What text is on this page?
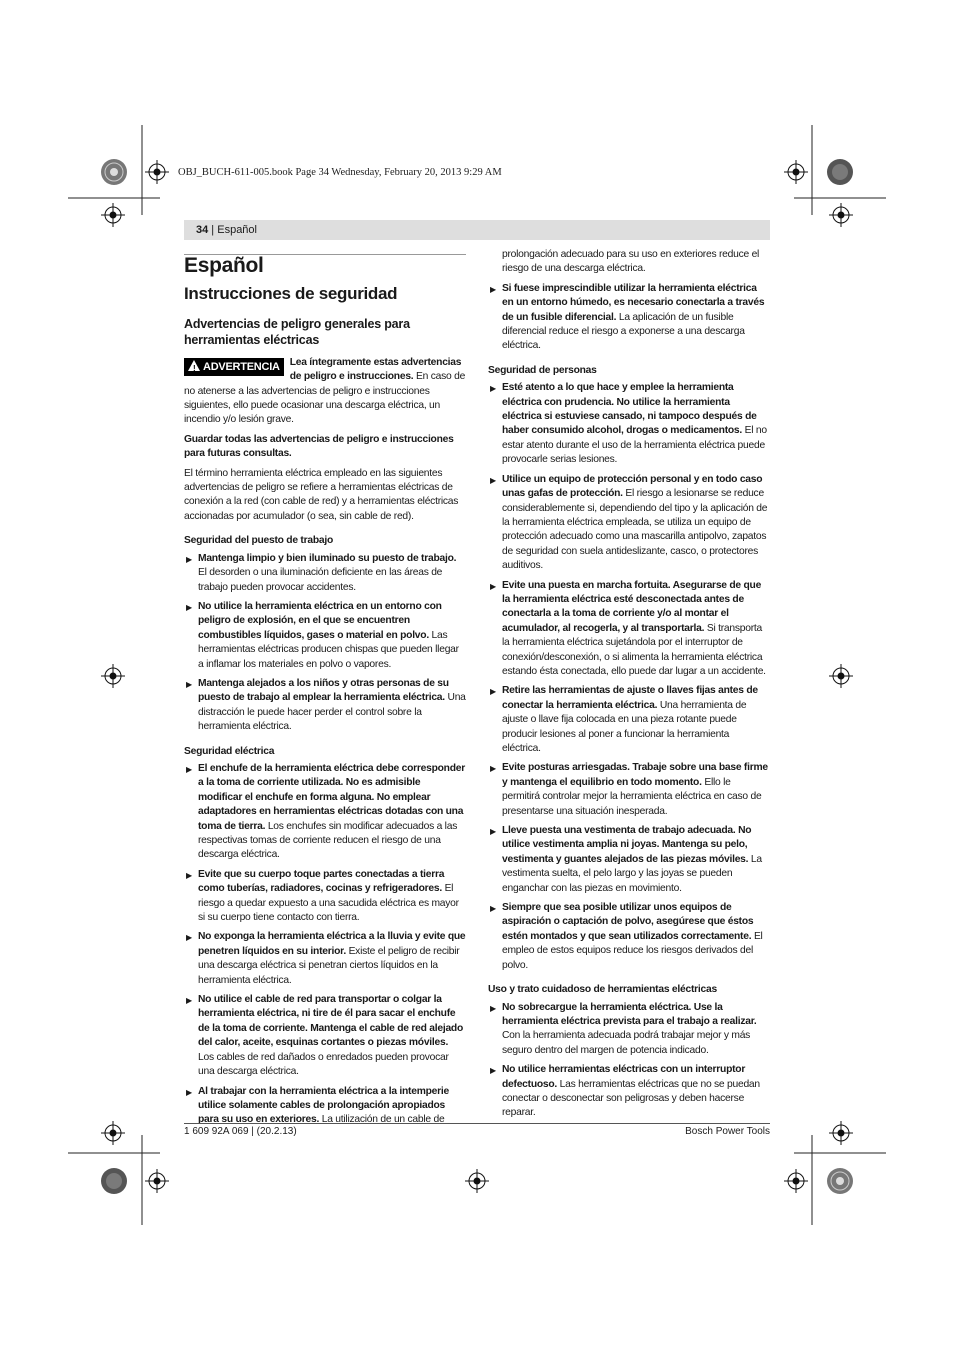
OBJ_BUCH-611-005.book Page 34 Wednesday, February 20, 2013 9:29 AM
34 | Español
Español
Instrucciones de seguridad
Advertencias de peligro generales para herramientas eléctricas

! ADVERTENCIA Lea íntegramente estas advertencias de peligro e instrucciones. En caso de no atenerse a las advertencias de peligro e instrucciones siguientes, ello puede ocasionar una descarga eléctrica, un incendio y/o lesión grave.

Guardar todas las advertencias de peligro e instrucciones para futuras consultas.

El término herramienta eléctrica empleado en las siguientes advertencias de peligro se refiere a herramientas eléctricas de conexión a la red (con cable de red) y a herramientas eléctricas accionadas por acumulador (o sea, sin cable de red).

Seguridad del puesto de trabajo
▶ Mantenga limpio y bien iluminado su puesto de trabajo. El desorden o una iluminación deficiente en las áreas de trabajo pueden provocar accidentes.
▶ No utilice la herramienta eléctrica en un entorno con peligro de explosión, en el que se encuentren combustibles líquidos, gases o material en polvo. Las herramientas eléctricas producen chispas que pueden llegar a inflamar los materiales en polvo o vapores.
▶ Mantenga alejados a los niños y otras personas de su puesto de trabajo al emplear la herramienta eléctrica. Una distracción le puede hacer perder el control sobre la herramienta eléctrica.
Seguridad eléctrica
▶ El enchufe de la herramienta eléctrica debe corresponder a la toma de corriente utilizada. No es admisible modificar el enchufe en forma alguna. No emplear adaptadores en herramientas eléctricas dotadas con una toma de tierra. Los enchufes sin modificar adecuados a las respectivas tomas de corriente reducen el riesgo de una descarga eléctrica.
▶ Evite que su cuerpo toque partes conectadas a tierra como tuberías, radiadores, cocinas y refrigeradores. El riesgo a quedar expuesto a una sacudida eléctrica es mayor si su cuerpo tiene contacto con tierra.
▶ No exponga la herramienta eléctrica a la lluvia y evite que penetren líquidos en su interior. Existe el peligro de recibir una descarga eléctrica si penetran ciertos líquidos en la herramienta eléctrica.
▶ No utilice el cable de red para transportar o colgar la herramienta eléctrica, ni tire de él para sacar el enchufe de la toma de corriente. Mantenga el cable de red alejado del calor, aceite, esquinas cortantes o piezas móviles. Los cables de red dañados o enredados pueden provocar una descarga eléctrica.
▶ Al trabajar con la herramienta eléctrica a la intemperie utilice solamente cables de prolongación apropiados para su uso en exteriores. La utilización de un cable de

prolongación adecuado para su uso en exteriores reduce el riesgo de una descarga eléctrica.

▶ Si fuese imprescindible utilizar la herramienta eléctrica en un entorno húmedo, es necesario conectarla a través de un fusible diferencial. La aplicación de un fusible diferencial reduce el riesgo a exponerse a una descarga eléctrica.
Seguridad de personas
▶ Esté atento a lo que hace y emplee la herramienta eléctrica con prudencia. No utilice la herramienta eléctrica si estuviese cansado, ni tampoco después de haber consumido alcohol, drogas o medicamentos. El no estar atento durante el uso de la herramienta eléctrica puede provocarle serias lesiones.
▶ Utilice un equipo de protección personal y en todo caso unas gafas de protección. El riesgo a lesionarse se reduce considerablemente si, dependiendo del tipo y la aplicación de la herramienta eléctrica empleada, se utiliza un equipo de protección adecuado como una mascarilla antipolvo, zapatos de seguridad con suela antideslizante, casco, o protectores auditivos.
▶ Evite una puesta en marcha fortuita. Asegurarse de que la herramienta eléctrica esté desconectada antes de conectarla a la toma de corriente y/o al montar el acumulador, al recogerla, y al transportarla. Si transporta la herramienta eléctrica sujetándola por el interruptor de conexión/desconexión, o si alimenta la herramienta eléctrica estando ésta conectada, ello puede dar lugar a un accidente.
▶ Retire las herramientas de ajuste o llaves fijas antes de conectar la herramienta eléctrica. Una herramienta de ajuste o llave fija colocada en una pieza rotante puede producir lesiones al poner a funcionar la herramienta eléctrica.
▶ Evite posturas arriesgadas. Trabaje sobre una base firme y mantenga el equilibrio en todo momento. Ello le permitirá controlar mejor la herramienta eléctrica en caso de presentarse una situación inesperada.
▶ Lleve puesta una vestimenta de trabajo adecuada. No utilice vestimenta amplia ni joyas. Mantenga su pelo, vestimenta y guantes alejados de las piezas móviles. La vestimenta suelta, el pelo largo y las joyas se pueden enganchar con las piezas en movimiento.
▶ Siempre que sea posible utilizar unos equipos de aspiración o captación de polvo, asegúrese que éstos estén montados y que sean utilizados correctamente. El empleo de estos equipos reduce los riesgos derivados del polvo.
Uso y trato cuidadoso de herramientas eléctricas
▶ No sobrecargue la herramienta eléctrica. Use la herramienta eléctrica prevista para el trabajo a realizar. Con la herramienta adecuada podrá trabajar mejor y más seguro dentro del margen de potencia indicado.
▶ No utilice herramientas eléctricas con un interruptor defectuoso. Las herramientas eléctricas que no se puedan conectar o desconectar son peligrosas y deben hacerse reparar.
1 609 92A 069 | (20.2.13)	Bosch Power Tools
